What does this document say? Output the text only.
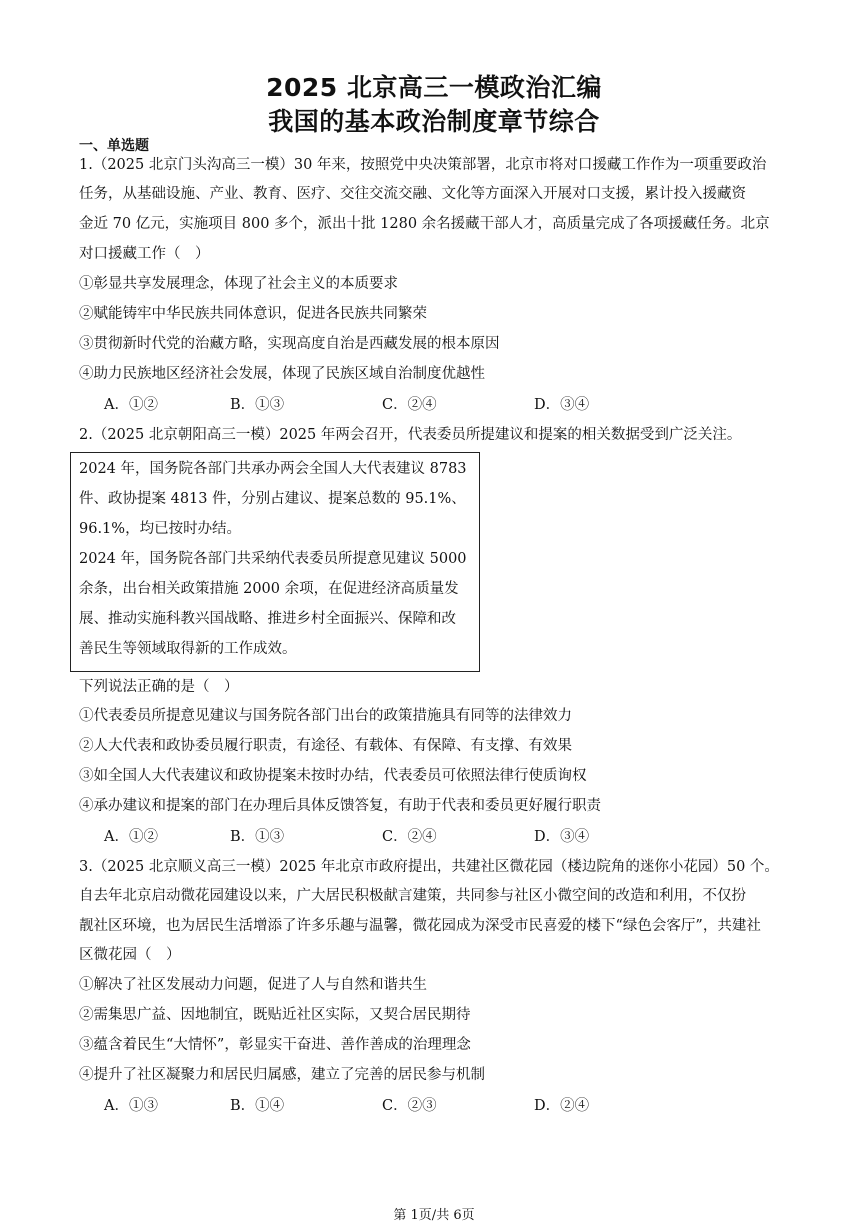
2025 北京高三一模政治汇编
我国的基本政治制度章节综合
一、单选题
1.（2025 北京门头沟高三一模）30 年来，按照党中央决策部署，北京市将对口援藏工作作为一项重要政治
任务，从基础设施、产业、教育、医疗、交往交流交融、文化等方面深入开展对口支援，累计投入援藏资
金近 70 亿元，实施项目 800 多个，派出十批 1280 余名援藏干部人才，高质量完成了各项援藏任务。北京
对口援藏工作（　）
①彰显共享发展理念，体现了社会主义的本质要求
②赋能铸牢中华民族共同体意识，促进各民族共同繁荣
③贯彻新时代党的治藏方略，实现高度自治是西藏发展的根本原因
④助力民族地区经济社会发展，体现了民族区域自治制度优越性
A．①②	B．①③	C．②④	D．③④
2.（2025 北京朝阳高三一模）2025 年两会召开，代表委员所提建议和提案的相关数据受到广泛关注。
2024 年，国务院各部门共承办两会全国人大代表建议 8783
件、政协提案 4813 件，分别占建议、提案总数的 95.1%、
96.1%，均已按时办结。
2024 年，国务院各部门共采纳代表委员所提意见建议 5000
余条，出台相关政策措施 2000 余项，在促进经济高质量发
展、推动实施科教兴国战略、推进乡村全面振兴、保障和改
善民生等领域取得新的工作成效。
下列说法正确的是（　）
①代表委员所提意见建议与国务院各部门出台的政策措施具有同等的法律效力
②人大代表和政协委员履行职责，有途径、有载体、有保障、有支撑、有效果
③如全国人大代表建议和政协提案未按时办结，代表委员可依照法律行使质询权
④承办建议和提案的部门在办理后具体反馈答复，有助于代表和委员更好履行职责
A．①②	B．①③	C．②④	D．③④
3.（2025 北京顺义高三一模）2025 年北京市政府提出，共建社区微花园（楼边院角的迷你小花园）50 个。
自去年北京启动微花园建设以来，广大居民积极献言建策，共同参与社区小微空间的改造和利用，不仅扮
靓社区环境，也为居民生活增添了许多乐趣与温馨，微花园成为深受市民喜爱的楼下“绿色会客厅”，共建社
区微花园（　）
①解决了社区发展动力问题，促进了人与自然和谐共生
②需集思广益、因地制宜，既贴近社区实际，又契合居民期待
③蕴含着民生“大情怀”，彰显实干奋进、善作善成的治理理念
④提升了社区凝聚力和居民归属感，建立了完善的居民参与机制
A．①③	B．①④	C．②③	D．②④
第 1页/共 6页
